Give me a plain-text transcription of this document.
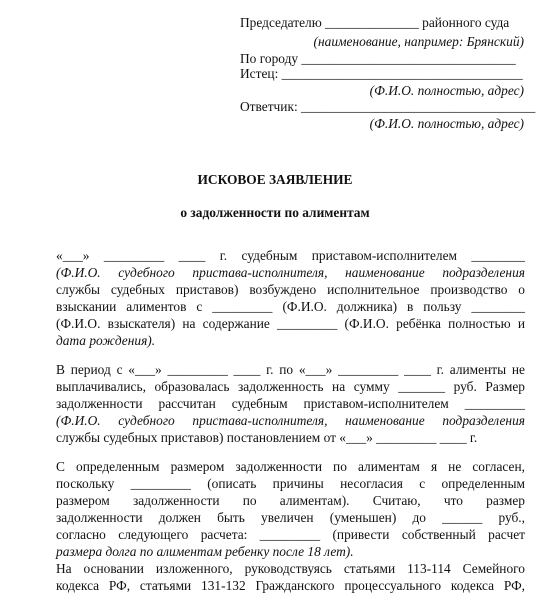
Председателю ______________ районного суда
(наименование, например: Брянский)
По городу ________________________________
Истец: ____________________________________
(Ф.И.О. полностью, адрес)
Ответчик: ___________________________________
(Ф.И.О. полностью, адрес)
ИСКОВОЕ ЗАЯВЛЕНИЕ
о задолженности по алиментам
«___» _________ ____ г. судебным приставом-исполнителем ________
(Ф.И.О. судебного пристава-исполнителя, наименование подразделения
службы судебных приставов) возбуждено исполнительное производство о
взыскании алиментов с _________ (Ф.И.О. должника) в пользу ________
(Ф.И.О. взыскателя) на содержание _________ (Ф.И.О. ребёнка полностью и
дата рождения).
В период с «___» _________ ____ г. по «___» _________ ____ г. алименты не
выплачивались, образовалась задолженность на сумму _______ руб. Размер
задолженности рассчитан судебным приставом-исполнителем _________
(Ф.И.О. судебного пристава-исполнителя, наименование подразделения
службы судебных приставов) постановлением от «___» _________ ____ г.
С определенным размером задолженности по алиментам я не согласен,
поскольку _________ (описать причины несогласия с определенным
размером задолженности по алиментам). Считаю, что размер
задолженности должен быть увеличен (уменьшен) до ______ руб.,
согласно следующего расчета: _________ (привести собственный расчет
размера долга по алиментам ребенку после 18 лет).
На основании изложенного, руководствуясь статьями 113-114 Семейного
кодекса РФ, статьями 131-132 Гражданского процессуального кодекса РФ,
